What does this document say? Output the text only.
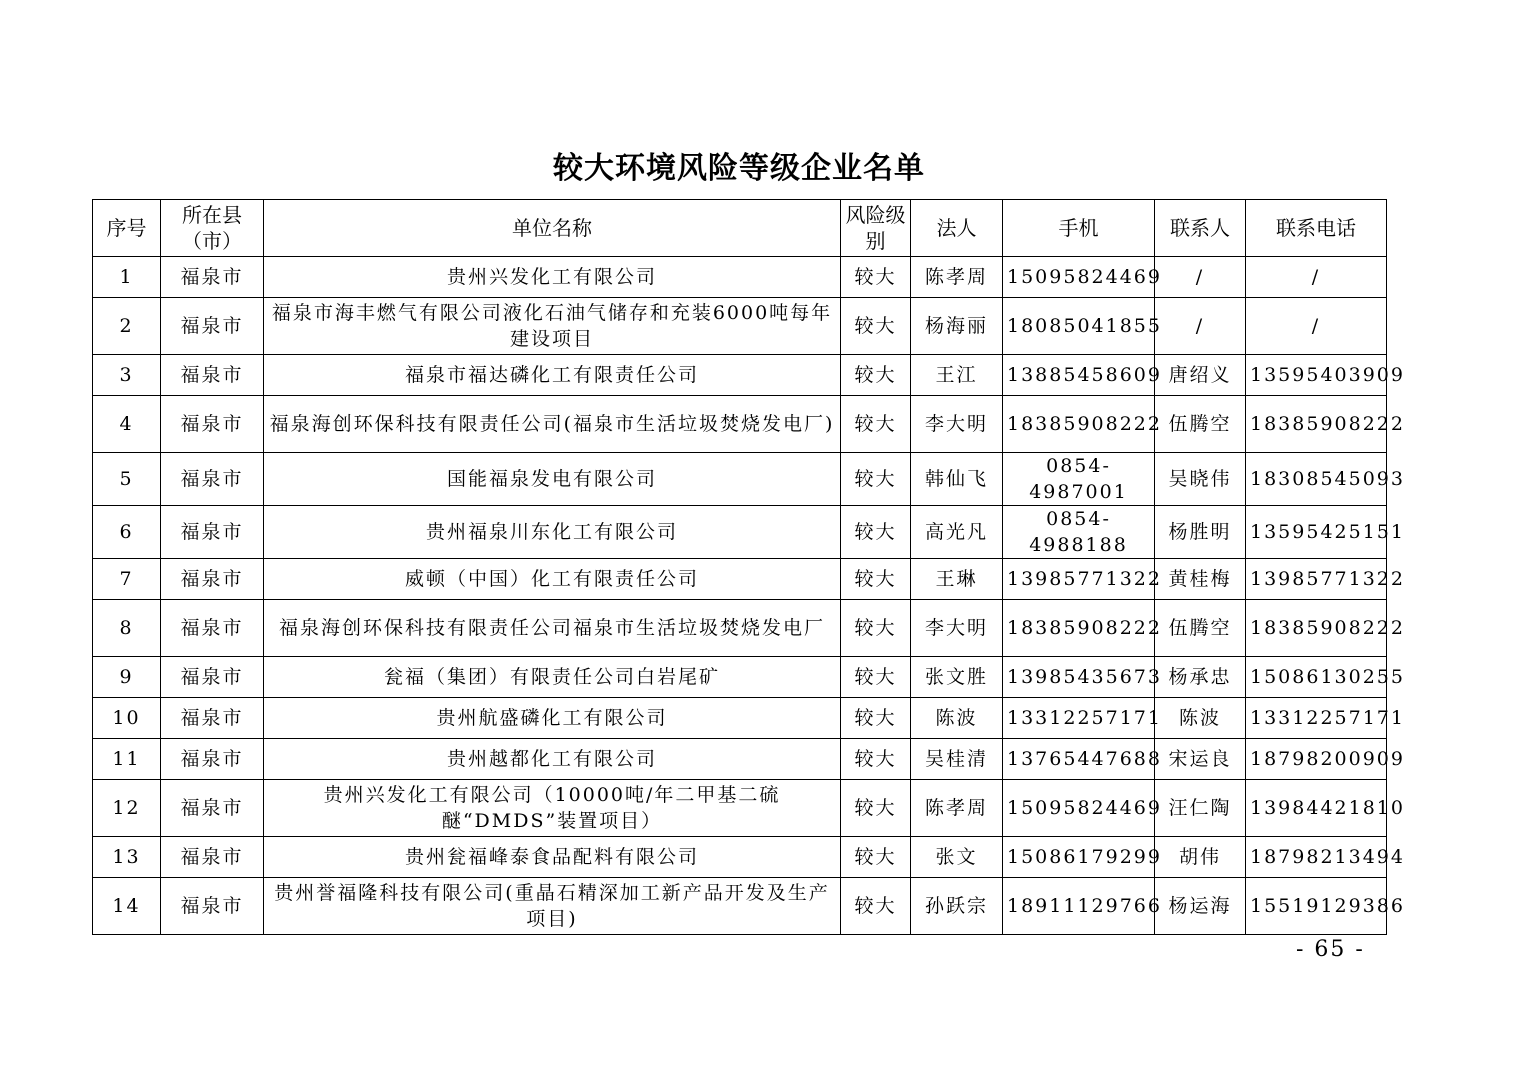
较大环境风险等级企业名单
序号	所在县（市）	单位名称	风险级别	法人	手机	联系人	联系电话
1	福泉市	贵州兴发化工有限公司	较大	陈孝周	15095824469	/	/
2	福泉市	福泉市海丰燃气有限公司液化石油气储存和充装6000吨每年建设项目	较大	杨海丽	18085041855	/	/
3	福泉市	福泉市福达磷化工有限责任公司	较大	王江	13885458609	唐绍义	13595403909
4	福泉市	福泉海创环保科技有限责任公司(福泉市生活垃圾焚烧发电厂)	较大	李大明	18385908222	伍腾空	18385908222
5	福泉市	国能福泉发电有限公司	较大	韩仙飞	0854-4987001	吴晓伟	18308545093
6	福泉市	贵州福泉川东化工有限公司	较大	高光凡	0854-4988188	杨胜明	13595425151
7	福泉市	威顿（中国）化工有限责任公司	较大	王琳	13985771322	黄桂梅	13985771322
8	福泉市	福泉海创环保科技有限责任公司福泉市生活垃圾焚烧发电厂	较大	李大明	18385908222	伍腾空	18385908222
9	福泉市	瓮福（集团）有限责任公司白岩尾矿	较大	张文胜	13985435673	杨承忠	15086130255
10	福泉市	贵州航盛磷化工有限公司	较大	陈波	13312257171	陈波	13312257171
11	福泉市	贵州越都化工有限公司	较大	吴桂清	13765447688	宋运良	18798200909
12	福泉市	贵州兴发化工有限公司（10000吨/年二甲基二硫醚“DMDS”装置项目）	较大	陈孝周	15095824469	汪仁陶	13984421810
13	福泉市	贵州瓮福峰泰食品配料有限公司	较大	张文	15086179299	胡伟	18798213494
14	福泉市	贵州誉福隆科技有限公司(重晶石精深加工新产品开发及生产项目)	较大	孙跃宗	18911129766	杨运海	15519129386
- 65 -
